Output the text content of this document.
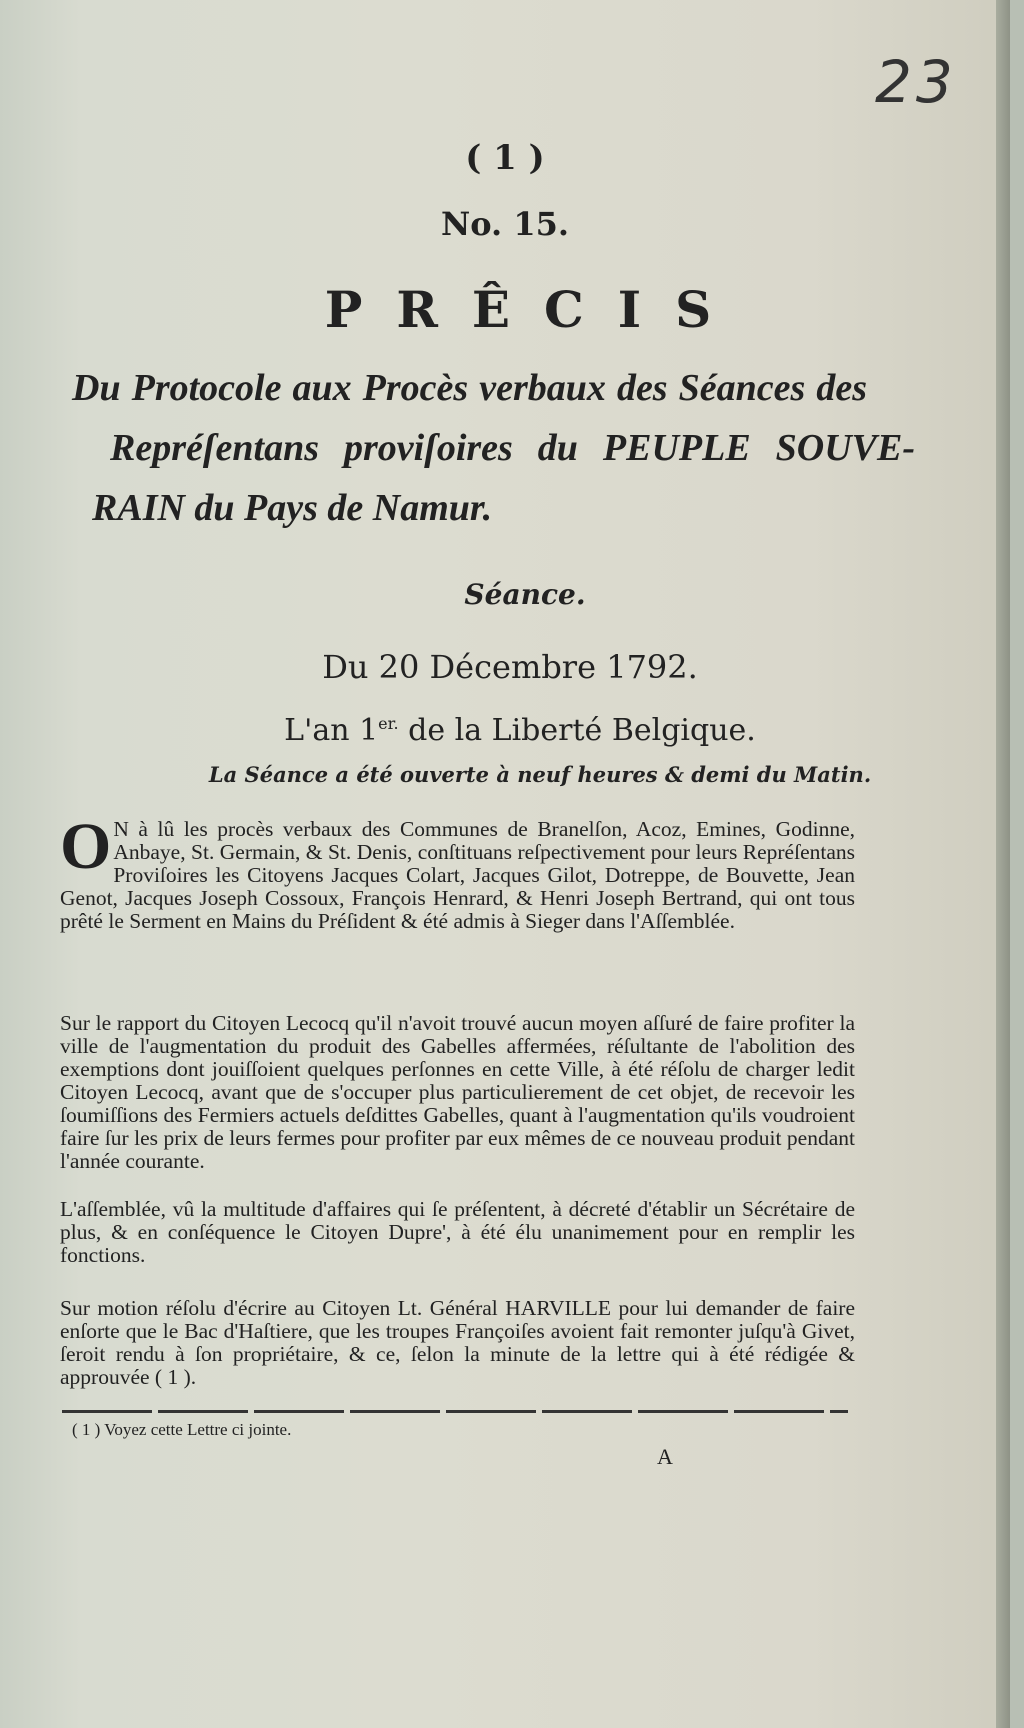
23
( 1 )
No. 15.
PRÊCIS
Du Protocole aux Procès verbaux des Séances des
Repréſentans proviſoires du PEUPLE SOUVE-
RAIN du Pays de Namur.
Séance.
Du 20 Décembre 1792.
L'an $1^{er.}$ de la Liberté Belgique.
La Séance a été ouverte à neuf heures & demi du Matin.
O N à lû les procès verbaux des Communes de Branelſon, Acoz, Emines, Godinne, Anbaye, St. Germain, & St. Denis, conſtituans reſpectivement pour leurs Repréſentans Proviſoires les Citoyens Jacques Colart, Jacques Gilot, Dotreppe, de Bouvette, Jean Genot, Jacques Joseph Cossoux, François Henrard, & Henri Joseph Bertrand, qui ont tous prêté le Serment en Mains du Préſident & été admis à Sieger dans l'Aſſemblée.
Sur le rapport du Citoyen Lecocq qu'il n'avoit trouvé aucun moyen aſſuré de faire profiter la ville de l'augmentation du produit des Gabelles affermées, réſultante de l'abolition des exemptions dont jouiſſoient quelques perſonnes en cette Ville, à été réſolu de charger ledit Citoyen Lecocq, avant que de s'occuper plus particulierement de cet objet, de recevoir les ſoumiſſions des Fermiers actuels deſdittes Gabelles, quant à l'augmentation qu'ils voudroient faire ſur les prix de leurs fermes pour profiter par eux mêmes de ce nouveau produit pendant l'année courante.
L'aſſemblée, vû la multitude d'affaires qui ſe préſentent, à décreté d'établir un Sécrétaire de plus, & en conſéquence le Citoyen Dupre', à été élu unanimement pour en remplir les fonctions.
Sur motion réſolu d'écrire au Citoyen Lt. Général HARVILLE pour lui demander de faire enſorte que le Bac d'Haſtiere, que les troupes Françoiſes avoient fait remonter juſqu'à Givet, ſeroit rendu à ſon propriétaire, & ce, ſelon la minute de la lettre qui à été rédigée & approuvée ( 1 ).
( 1 ) Voyez cette Lettre ci jointe.
A
